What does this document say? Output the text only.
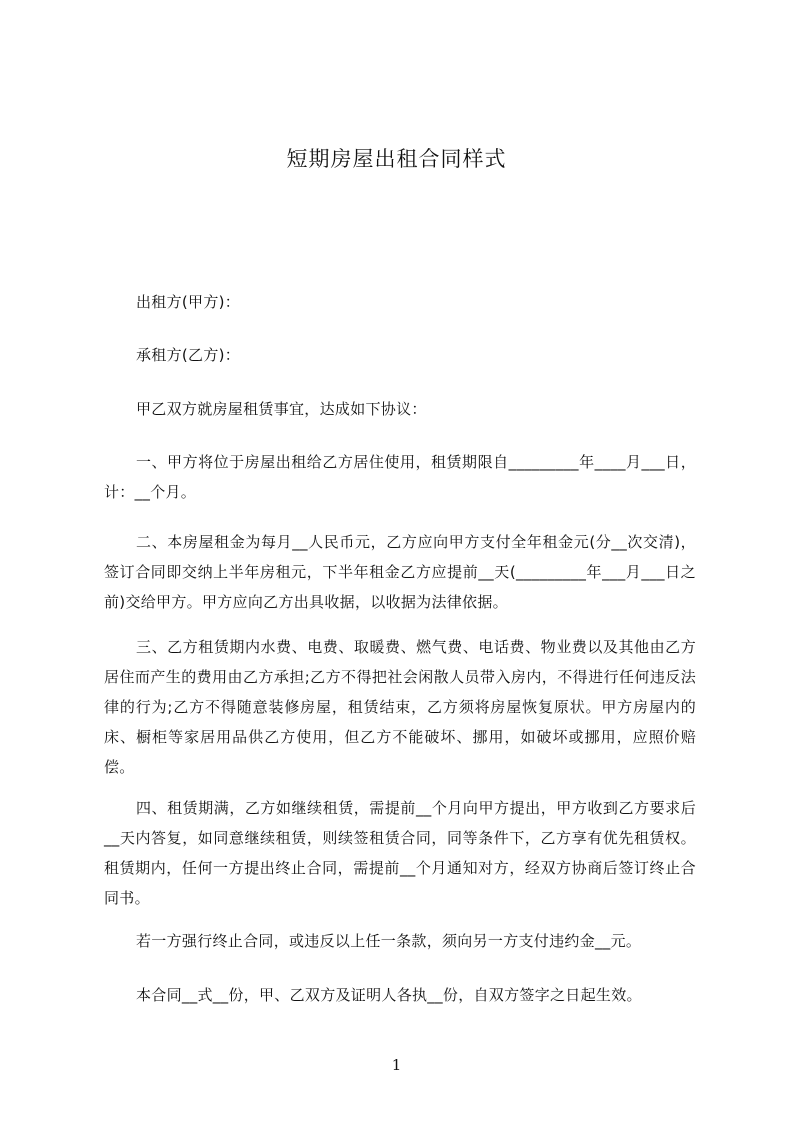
短期房屋出租合同样式
出租方(甲方)：
承租方(乙方)：
甲乙双方就房屋租赁事宜，达成如下协议：
一、甲方将位于房屋出租给乙方居住使用，租赁期限自_________年____月___日，计：__个月。
二、本房屋租金为每月__人民币元，乙方应向甲方支付全年租金元(分__次交清)，签订合同即交纳上半年房租元，下半年租金乙方应提前__天(_________年___月___日之前)交给甲方。甲方应向乙方出具收据，以收据为法律依据。
三、乙方租赁期内水费、电费、取暖费、燃气费、电话费、物业费以及其他由乙方居住而产生的费用由乙方承担;乙方不得把社会闲散人员带入房内，不得进行任何违反法律的行为;乙方不得随意装修房屋，租赁结束，乙方须将房屋恢复原状。甲方房屋内的床、橱柜等家居用品供乙方使用，但乙方不能破坏、挪用，如破坏或挪用，应照价赔偿。
四、租赁期满，乙方如继续租赁，需提前__个月向甲方提出，甲方收到乙方要求后__天内答复，如同意继续租赁，则续签租赁合同，同等条件下，乙方享有优先租赁权。租赁期内，任何一方提出终止合同，需提前__个月通知对方，经双方协商后签订终止合同书。
若一方强行终止合同，或违反以上任一条款，须向另一方支付违约金__元。
本合同__式__份，甲、乙双方及证明人各执__份，自双方签字之日起生效。
1
